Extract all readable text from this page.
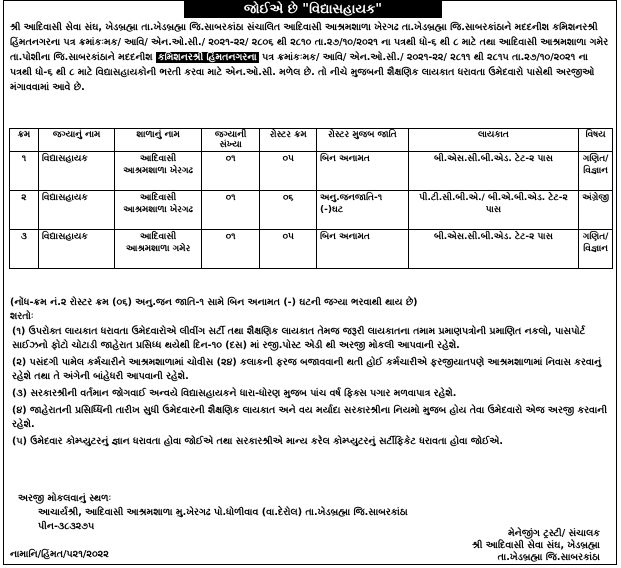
જોઈએ છે "વિદ્યાસહાયક"
શ્રી આદિવાસી સેવા સંઘ, ખેડબ્રહ્મા તા.ખેડબ્રહ્મા જિ.સાબરકાંઠા સંચાલિત આદિવાસી આશ્રમશાળા ખેરગઢ તા.ખેડબ્રહ્મા જિ.સાબરકાંઠાને મદદનીશ કમિશનરશ્રી હિંમતનગરના પત્ર ક્રમાંકઃમક/ આવિ/ એન.ઓ.સી./ ૨૦૨૧-૨૨/ ૨૮૦૬ થી ૨૮૧૦ તા.૨૭/૧૦/૨૦૨૧ ના પત્રથી ધો-૬ થી ૮ માટે તથા આદિવાસી આશ્રમશાળા ગમેર તા.પોશીના જિ.સાબરકાંઠાને મદદનીશ કમિશનરશ્રી હિંમતનગરના પત્ર ક્રમાંકઃમક/ આવિ/ એન.ઓ.સી./ ૨૦૨૧-૨૨/ ૨૮૧૧ થી ૨૮૧૫ તા.૨૭/૧૦/૨૦૨૧ ના પત્રથી ધો-૬ થી ૮ માટે વિદ્યાસહાયકોની ભરતી કરવા માટે એન.ઓ.સી. મળેલ છે. તો નીચે મુજબની શૈક્ષણિક લાયકાત ધરાવતા ઉમેદવારો પાસેથી અરજીઓ મંગાવવામાં આવે છે.
ક્રમ	જગ્યાનું નામ	શાળાનું નામ	જગ્યાની સંખ્યા	રોસ્ટર ક્રમ	રોસ્ટર મુજબ જાતિ	લાયકાત	વિષય
૧	વિદ્યાસહાયક	આદિવાસી આશ્રમશાળા ખેરગઢ	૦૧	૦૫	બિન અનામત	બી.એસ.સી.બી.એડ. ટેટ-૨ પાસ	ગણિત/ વિજ્ઞાન
૨	વિદ્યાસહાયક	આદિવાસી આશ્રમશાળા ખેરગઢ	૦૧	૦૬	અનુ.જનજાતિ-૧ (-)ઘટ	પી.ટી.સી.બી.એ./ બી.એ.બી.એડ. ટેટ-૨ પાસ	અંગ્રેજી
૩	વિદ્યાસહાયક	આદિવાસી આશ્રમશાળા ગમેર	૦૧	૦૫	બિન અનામત	બી.એસ.સી.બી.એડ. ટેટ-૨ પાસ	ગણિત/ વિજ્ઞાન
(નોંધ-ક્રમ નં.૨ રોસ્ટર ક્રમ (૦૬) અનુ.જન જાતિ-૧ સામે બિન અનામત (-) ઘટની જગ્યા ભરવાથી થાય છે)
શરતોઃ
(૧) ઉપરોક્ત લાયકાત ધરાવતા ઉમેદવારોએ લીવીંગ સર્ટી તથા શૈક્ષણિક લાયકાત તેમજ જરૂરી લાયકાતના તમામ પ્રમાણપત્રોની પ્રમાણિત નકલો, પાસપોર્ટ સાઈઝનો ફોટો ચોટાડી જાહેરાત પ્રસિધ્ધ થયેથી દિન-૧૦ (દસ) માં રજી.પોસ્ટ એડી થી અરજી મોકલી આપવાની રહેશે.
(૨) પસંદગી પામેલ કર્મચારીને આશ્રમશાળામાં ચોવીસ (૨૪) કલાકની ફરજ બજાવવાની થતી હોઈ કર્મચારીએ ફરજીયાતપણે આશ્રમશાળામાં નિવાસ કરવાનું રહેશે તથા તે અંગેની બાંહેધરી આપવાની રહેશે.
(૩) સરકારશ્રીની વર્તમાન જોગવાઈ અન્વયે વિદ્યાસહાયકને ધારા-ધોરણ મુજબ પાંચ વર્ષ ફિક્સ પગાર મળવાપાત્ર રહેશે.
(૪) જાહેરાતની પ્રસિધ્ધિની તારીખ સુધી ઉમેદવારની શૈક્ષણિક લાયકાત અને વય મર્યાદા સરકારશ્રીના નિયમો મુજબ હોય તેવા ઉમેદવારો એજ અરજી કરવાની રહેશે.
(૫) ઉમેદવાર કોમ્પ્યુટરનું જ્ઞાન ધરાવતા હોવા જોઈએ તથા સરકારશ્રીએ માન્ય કરેલ કોમ્પ્યુટરનું સર્ટીફિકેટ ધરાવતા હોવા જોઈએ.
અરજી મોકલવાનું સ્થળઃ
આચાર્યશ્રી, આદિવાસી આશ્રમશાળા મુ.ખેરગઢ પો.ધોળીવાવ (વા.દેરોલ) તા.ખેડબ્રહ્મા જિ.સાબરકાંઠા
પીન-૩૮૩૨૭૫
મેનેજીંગ ટ્રસ્ટી/ સંચાલક
શ્રી આદિવાસી સેવા સંઘ, ખેડબ્રહ્મા
તા.ખેડબ્રહ્મા જિ.સાબરકાંઠા
નામાનિ/હિંમત/પ૨૧/૨૦૨૨
